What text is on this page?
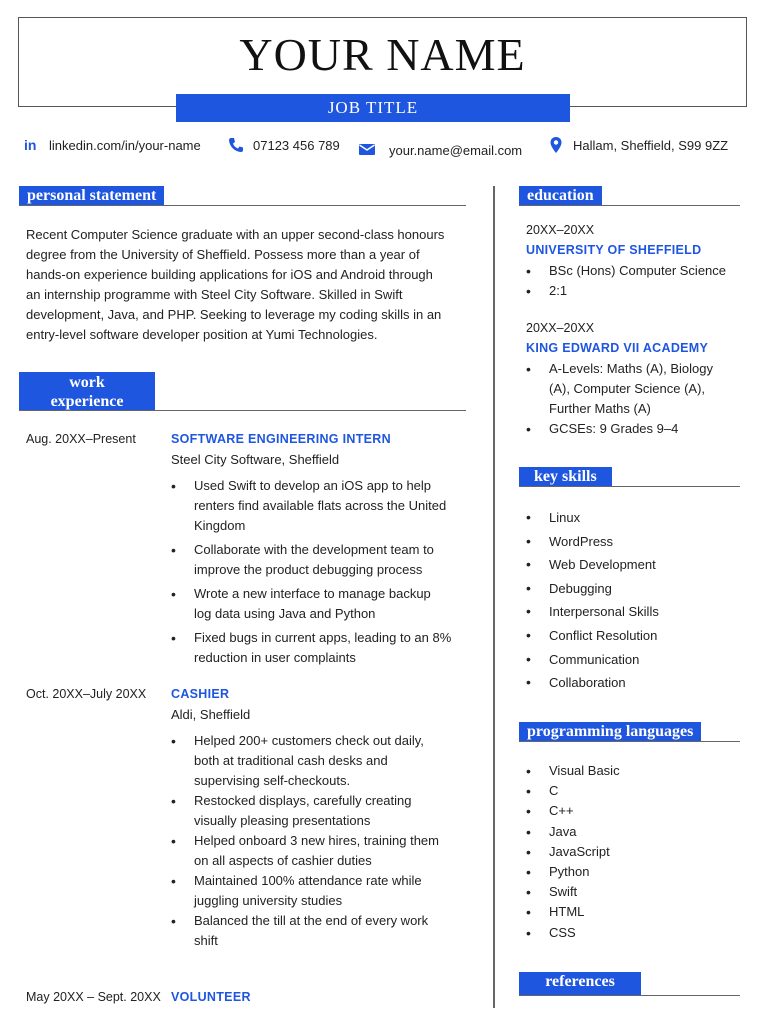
YOUR NAME
JOB TITLE
in linkedin.com/in/your-name	07123 456 789	your.name@email.com	Hallam, Sheffield, S99 9ZZ
personal statement
Recent Computer Science graduate with an upper second-class honours
degree from the University of Sheffield. Possess more than a year of
hands-on experience building applications for iOS and Android through
an internship programme with Steel City Software. Skilled in Swift
development, Java, and PHP. Seeking to leverage my coding skills in an
entry-level software developer position at Yumi Technologies.
work
experience
Aug. 20XX–Present	SOFTWARE ENGINEERING INTERN
Steel City Software, Sheffield
• Used Swift to develop an iOS app to help
renters find available flats across the United
Kingdom
• Collaborate with the development team to
improve the product debugging process
• Wrote a new interface to manage backup
log data using Java and Python
• Fixed bugs in current apps, leading to an 8%
reduction in user complaints
Oct. 20XX–July 20XX CASHIER
Aldi, Sheffield
• Helped 200+ customers check out daily,
both at traditional cash desks and
supervising self-checkouts.
• Restocked displays, carefully creating
visually pleasing presentations
• Helped onboard 3 new hires, training them
on all aspects of cashier duties
• Maintained 100% attendance rate while
juggling university studies
• Balanced the till at the end of every work
shift
May 20XX – Sept. 20XX VOLUNTEER
education
20XX–20XX
UNIVERSITY OF SHEFFIELD
• BSc (Hons) Computer Science
• 2:1
20XX–20XX
KING EDWARD VII ACADEMY
• A-Levels: Maths (A), Biology
(A), Computer Science (A),
Further Maths (A)
• GCSEs: 9 Grades 9–4
key skills
• Linux
• WordPress
• Web Development
• Debugging
• Interpersonal Skills
• Conflict Resolution
• Communication
• Collaboration
programming languages
• Visual Basic
• C
• C++
• Java
• JavaScript
• Python
• Swift
• HTML
• CSS
references
